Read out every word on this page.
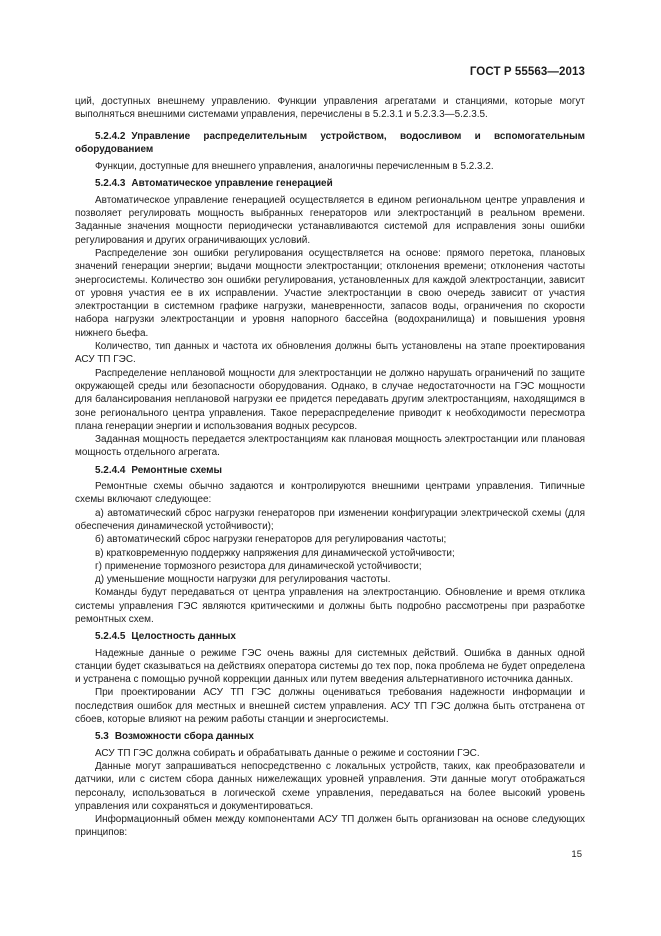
ГОСТ Р 55563—2013

ций, доступных внешнему управлению. Функции управления агрегатами и станциями, которые могут выполняться внешними системами управления, перечислены в 5.2.3.1 и 5.2.3.3—5.2.3.5.

5.2.4.2 Управление распределительным устройством, водосливом и вспомогательным оборудованием

Функции, доступные для внешнего управления, аналогичны перечисленным в 5.2.3.2.

5.2.4.3 Автоматическое управление генерацией

Автоматическое управление генерацией осуществляется в едином региональном центре управления и позволяет регулировать мощность выбранных генераторов или электростанций в реальном времени. Заданные значения мощности периодически устанавливаются системой для исправления зоны ошибки регулирования и других ограничивающих условий.

Распределение зон ошибки регулирования осуществляется на основе: прямого перетока, плановых значений генерации энергии; выдачи мощности электростанции; отклонения времени; отклонения частоты энергосистемы. Количество зон ошибки регулирования, установленных для каждой электростанции, зависит от уровня участия ее в их исправлении. Участие электростанции в свою очередь зависит от участия электростанции в системном графике нагрузки, маневренности, запасов воды, ограничения по скорости набора нагрузки электростанции и уровня напорного бассейна (водохранилища) и повышения уровня нижнего бьефа.

Количество, тип данных и частота их обновления должны быть установлены на этапе проектирования АСУ ТП ГЭС.

Распределение неплановой мощности для электростанции не должно нарушать ограничений по защите окружающей среды или безопасности оборудования. Однако, в случае недостаточности на ГЭС мощности для балансирования неплановой нагрузки ее придется передавать другим электростанциям, находящимся в зоне регионального центра управления. Такое перераспределение приводит к необходимости пересмотра плана генерации энергии и использования водных ресурсов.

Заданная мощность передается электростанциям как плановая мощность электростанции или плановая мощность отдельного агрегата.

5.2.4.4 Ремонтные схемы

Ремонтные схемы обычно задаются и контролируются внешними центрами управления. Типичные схемы включают следующее:

а) автоматический сброс нагрузки генераторов при изменении конфигурации электрической схемы (для обеспечения динамической устойчивости);

б) автоматический сброс нагрузки генераторов для регулирования частоты;

в) кратковременную поддержку напряжения для динамической устойчивости;

г) применение тормозного резистора для динамической устойчивости;

д) уменьшение мощности нагрузки для регулирования частоты.

Команды будут передаваться от центра управления на электростанцию. Обновление и время отклика системы управления ГЭС являются критическими и должны быть подробно рассмотрены при разработке ремонтных схем.

5.2.4.5 Целостность данных

Надежные данные о режиме ГЭС очень важны для системных действий. Ошибка в данных одной станции будет сказываться на действиях оператора системы до тех пор, пока проблема не будет определена и устранена с помощью ручной коррекции данных или путем введения альтернативного источника данных.

При проектировании АСУ ТП ГЭС должны оцениваться требования надежности информации и последствия ошибок для местных и внешней систем управления. АСУ ТП ГЭС должна быть отстранена от сбоев, которые влияют на режим работы станции и энергосистемы.

5.3 Возможности сбора данных

АСУ ТП ГЭС должна собирать и обрабатывать данные о режиме и состоянии ГЭС.

Данные могут запрашиваться непосредственно с локальных устройств, таких, как преобразователи и датчики, или с систем сбора данных нижележащих уровней управления. Эти данные могут отображаться персоналу, использоваться в логической схеме управления, передаваться на более высокий уровень управления или сохраняться и документироваться.

Информационный обмен между компонентами АСУ ТП должен быть организован на основе следующих принципов:

15
